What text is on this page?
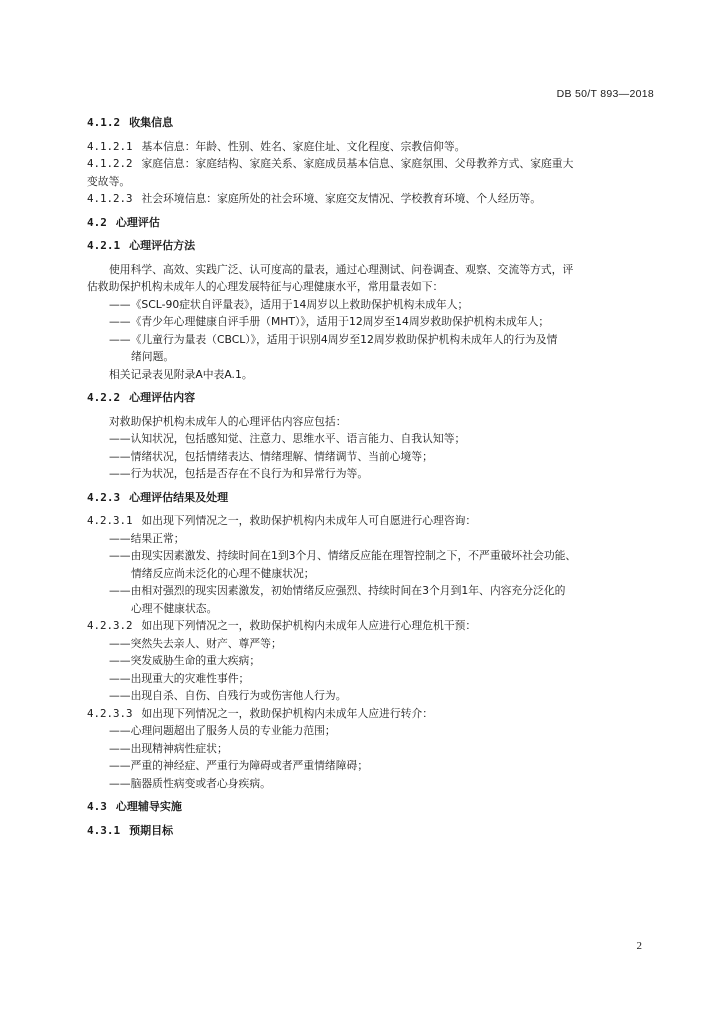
DB 50/T 893—2018
4.1.2 收集信息
4.1.2.1 基本信息：年龄、性别、姓名、家庭住址、文化程度、宗教信仰等。
4.1.2.2 家庭信息：家庭结构、家庭关系、家庭成员基本信息、家庭氛围、父母教养方式、家庭重大
变故等。
4.1.2.3 社会环境信息：家庭所处的社会环境、家庭交友情况、学校教育环境、个人经历等。
4.2 心理评估
4.2.1 心理评估方法
使用科学、高效、实践广泛、认可度高的量表，通过心理测试、问卷调查、观察、交流等方式，评
估救助保护机构未成年人的心理发展特征与心理健康水平，常用量表如下：
——《SCL-90症状自评量表》，适用于14周岁以上救助保护机构未成年人；
——《青少年心理健康自评手册（MHT）》，适用于12周岁至14周岁救助保护机构未成年人；
——《儿童行为量表（CBCL）》，适用于识别4周岁至12周岁救助保护机构未成年人的行为及情
绪问题。
相关记录表见附录A中表A.1。
4.2.2 心理评估内容
对救助保护机构未成年人的心理评估内容应包括：
——认知状况，包括感知觉、注意力、思维水平、语言能力、自我认知等；
——情绪状况，包括情绪表达、情绪理解、情绪调节、当前心境等；
——行为状况，包括是否存在不良行为和异常行为等。
4.2.3 心理评估结果及处理
4.2.3.1 如出现下列情况之一，救助保护机构内未成年人可自愿进行心理咨询：
——结果正常；
——由现实因素激发、持续时间在1到3个月、情绪反应能在理智控制之下，不严重破坏社会功能、
情绪反应尚未泛化的心理不健康状况；
——由相对强烈的现实因素激发，初始情绪反应强烈、持续时间在3个月到1年、内容充分泛化的
心理不健康状态。
4.2.3.2 如出现下列情况之一，救助保护机构内未成年人应进行心理危机干预：
——突然失去亲人、财产、尊严等；
——突发威胁生命的重大疾病；
——出现重大的灾难性事件；
——出现自杀、自伤、自残行为或伤害他人行为。
4.2.3.3 如出现下列情况之一，救助保护机构内未成年人应进行转介：
——心理问题超出了服务人员的专业能力范围；
——出现精神病性症状；
——严重的神经症、严重行为障碍或者严重情绪障碍；
——脑器质性病变或者心身疾病。
4.3 心理辅导实施
4.3.1 预期目标
2
